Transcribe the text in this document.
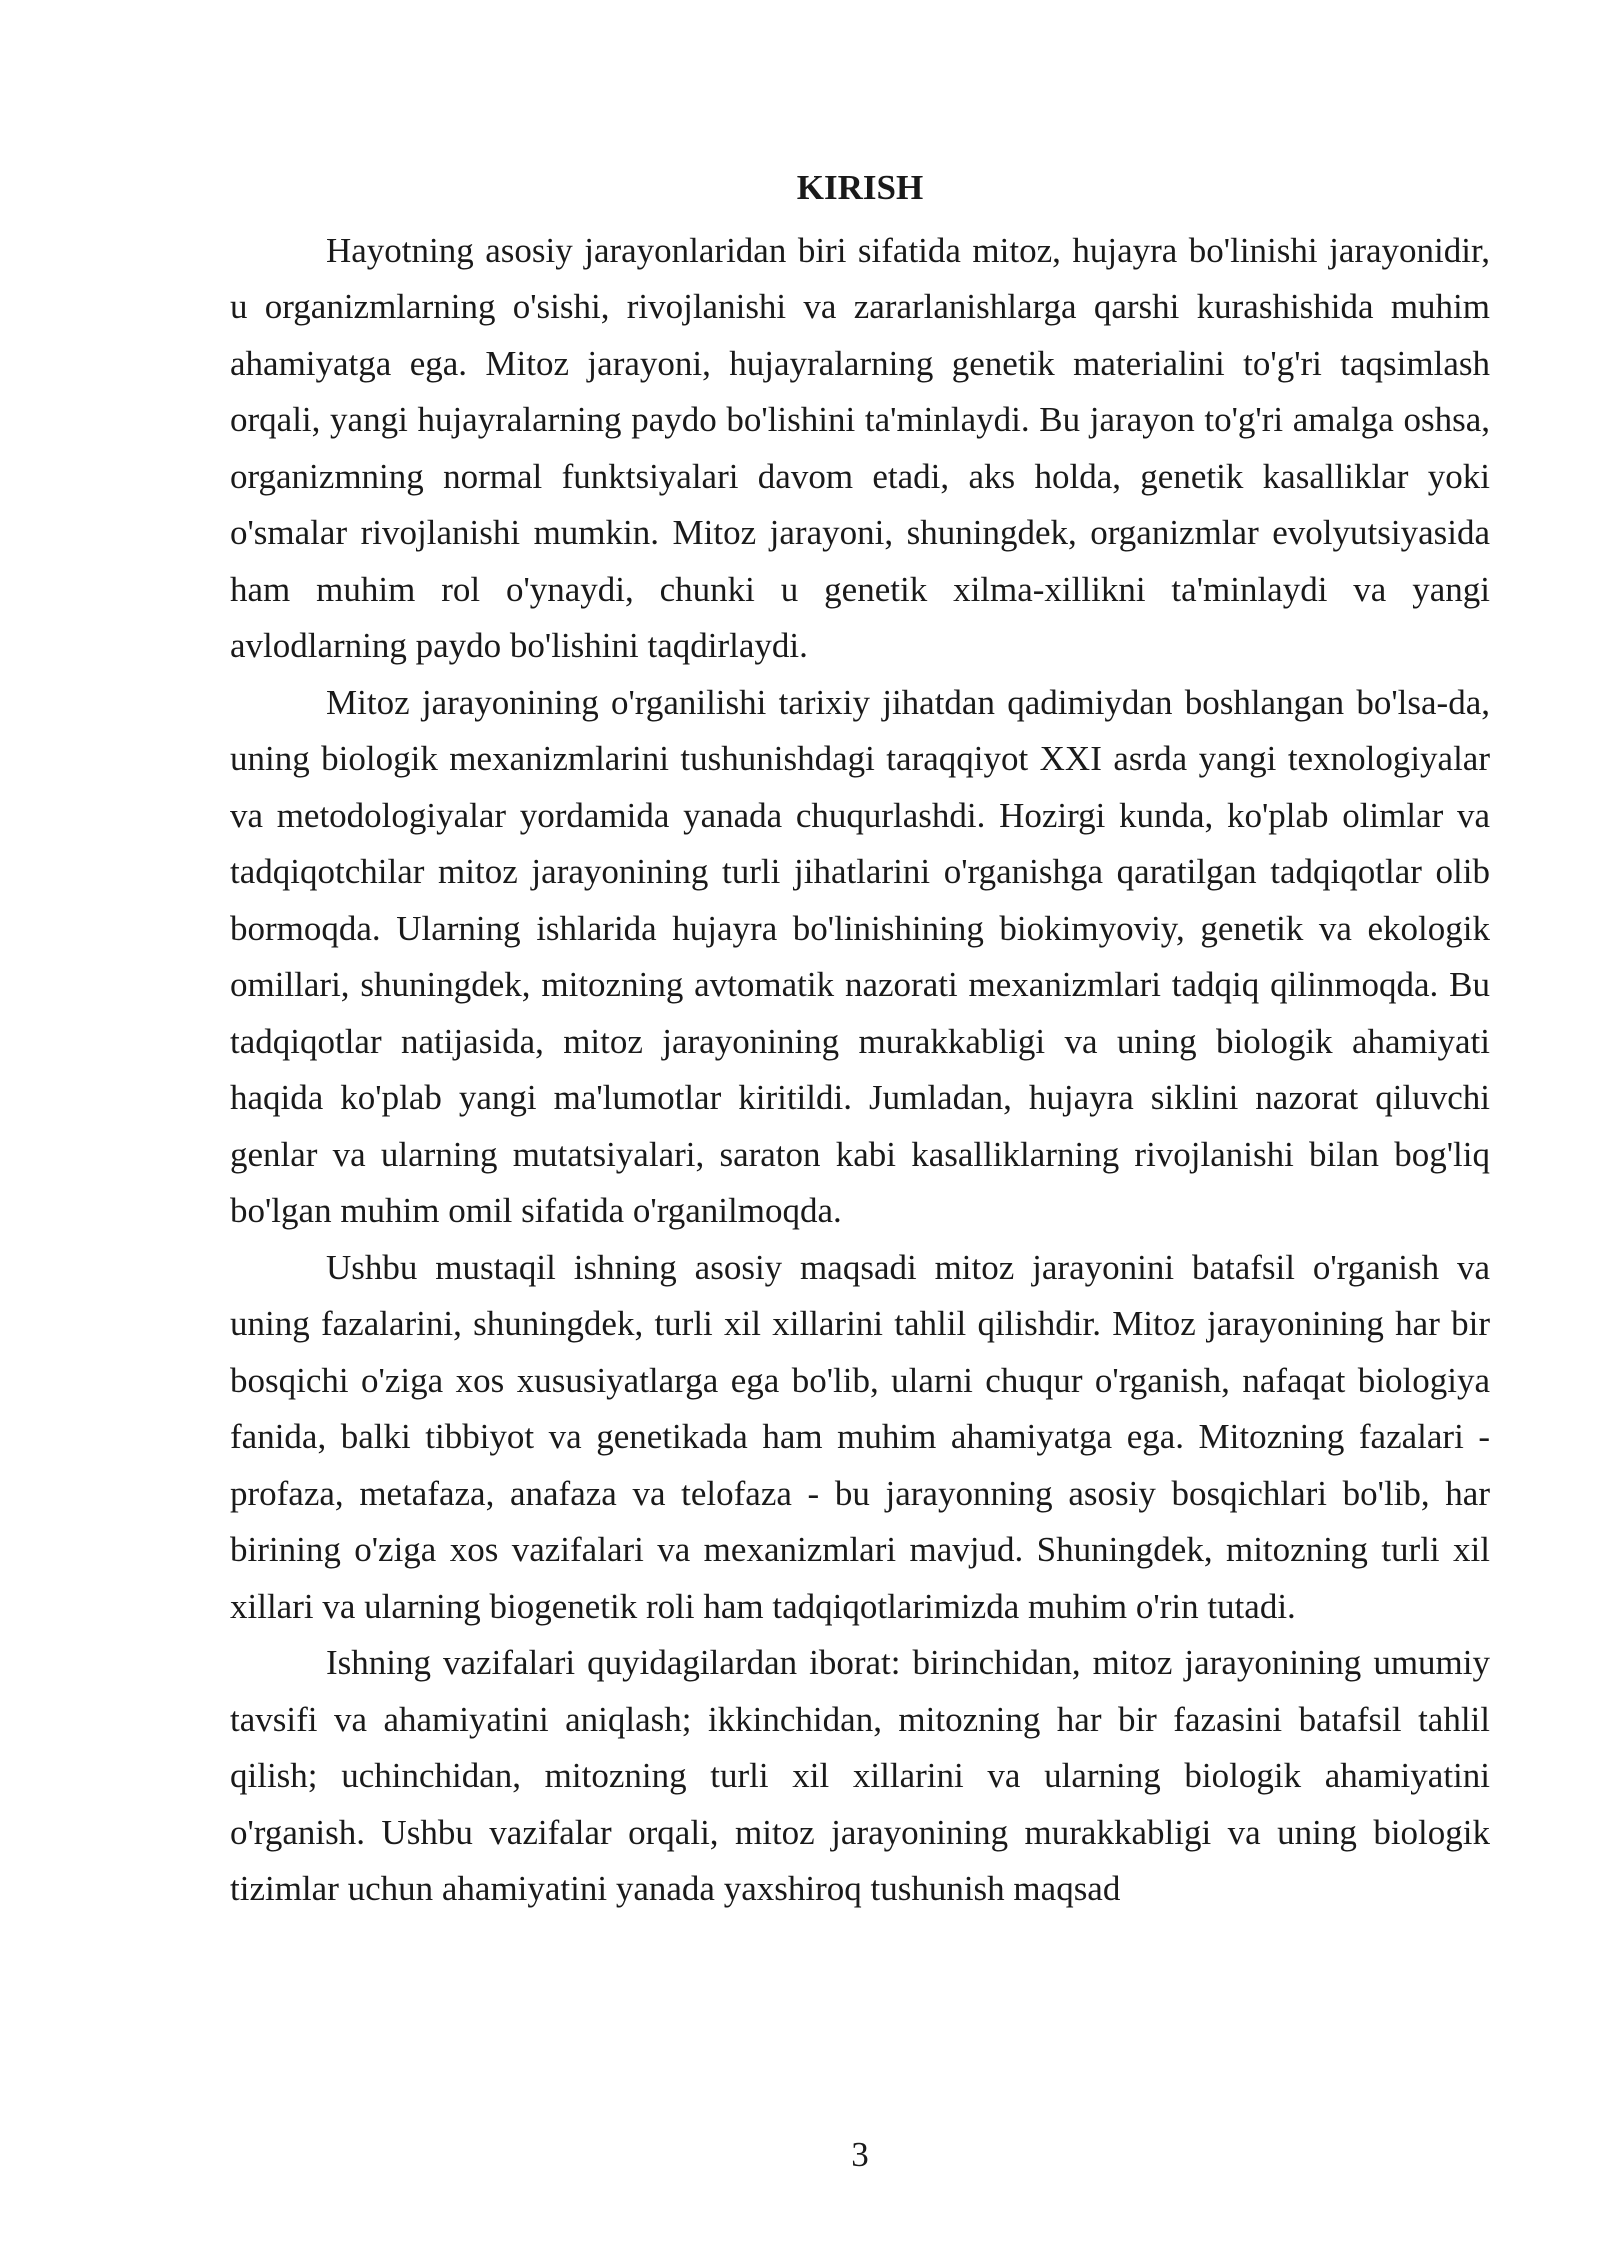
KIRISH

Hayotning asosiy jarayonlaridan biri sifatida mitoz, hujayra bo'linishi jarayonidir, u organizmlarning o'sishi, rivojlanishi va zararlanishlarga qarshi kurashishida muhim ahamiyatga ega. Mitoz jarayoni, hujayralarning genetik materialini to'g'ri taqsimlash orqali, yangi hujayralarning paydo bo'lishini ta'minlaydi. Bu jarayon to'g'ri amalga oshsa, organizmning normal funktsiyalari davom etadi, aks holda, genetik kasalliklar yoki o'smalar rivojlanishi mumkin. Mitoz jarayoni, shuningdek, organizmlar evolyutsiyasida ham muhim rol o'ynaydi, chunki u genetik xilma-xillikni ta'minlaydi va yangi avlodlarning paydo bo'lishini taqdirlaydi.

Mitoz jarayonining o'rganilishi tarixiy jihatdan qadimiydan boshlangan bo'lsa-da, uning biologik mexanizmlarini tushunishdagi taraqqiyot XXI asrda yangi texnologiyalar va metodologiyalar yordamida yanada chuqurlashdi. Hozirgi kunda, ko'plab olimlar va tadqiqotchilar mitoz jarayonining turli jihatlarini o'rganishga qaratilgan tadqiqotlar olib bormoqda. Ularning ishlarida hujayra bo'linishining biokimyoviy, genetik va ekologik omillari, shuningdek, mitozning avtomatik nazorati mexanizmlari tadqiq qilinmoqda. Bu tadqiqotlar natijasida, mitoz jarayonining murakkabligi va uning biologik ahamiyati haqida ko'plab yangi ma'lumotlar kiritildi. Jumladan, hujayra siklini nazorat qiluvchi genlar va ularning mutatsiyalari, saraton kabi kasalliklarning rivojlanishi bilan bog'liq bo'lgan muhim omil sifatida o'rganilmoqda.

Ushbu mustaqil ishning asosiy maqsadi mitoz jarayonini batafsil o'rganish va uning fazalarini, shuningdek, turli xil xillarini tahlil qilishdir. Mitoz jarayonining har bir bosqichi o'ziga xos xususiyatlarga ega bo'lib, ularni chuqur o'rganish, nafaqat biologiya fanida, balki tibbiyot va genetikada ham muhim ahamiyatga ega. Mitozning fazalari - profaza, metafaza, anafaza va telofaza - bu jarayonning asosiy bosqichlari bo'lib, har birining o'ziga xos vazifalari va mexanizmlari mavjud. Shuningdek, mitozning turli xil xillari va ularning biogenetik roli ham tadqiqotlarimizda muhim o'rin tutadi.

Ishning vazifalari quyidagilardan iborat: birinchidan, mitoz jarayonining umumiy tavsifi va ahamiyatini aniqlash; ikkinchidan, mitozning har bir fazasini batafsil tahlil qilish; uchinchidan, mitozning turli xil xillarini va ularning biologik ahamiyatini o'rganish. Ushbu vazifalar orqali, mitoz jarayonining murakkabligi va uning biologik tizimlar uchun ahamiyatini yanada yaxshiroq tushunish maqsad

3
